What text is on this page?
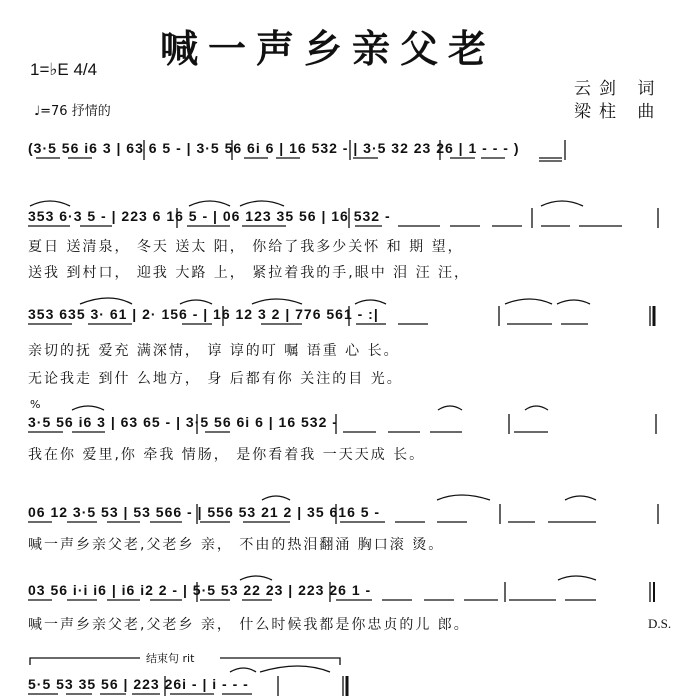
喊一声乡亲父老
1=♭E 4/4
♩=76 抒情的
云剑 词
梁柱 曲
(3·5 56 i6 3 | 63 6 5 - | 3·5 56 6i 6 | 16 532 - | 3·5 32 23 26 | 1 - - - )
353 6·3 5 - | 223 6 16 5 - | 06 123 35 56 | 16 532 -
夏日 送清泉， 冬天 送太 阳， 你给了我多少关怀 和 期 望，
送我 到村口， 迎我 大路 上， 紧拉着我的手,眼中 泪 汪 汪，
353 635 3· 61 | 2· 156 - | 16 12 3 2 | 776 561 - :|
亲切的抚 爱充 满深情， 谆 谆的叮 嘱 语重 心 长。
无论我走 到什 么地方， 身 后都有你 关注的目 光。
%
3·5 56 i6 3 | 63 65 - | 3·5 56 6i 6 | 16 532 -
我在你 爱里,你 牵我 情肠， 是你看着我 一天天成 长。
06 12 3·5 53 | 53 566 - | 556 53 21 2 | 35 616 5 -
喊一声乡亲父老,父老乡 亲， 不由的热泪翻涌 胸口滚 烫。
03 56 i·i i6 | i6 i2 2 - | 5·5 53 22 23 | 223 26 1 -
喊一声乡亲父老,父老乡 亲， 什么时候我都是你忠贞的儿 郎。	D.S.
结束句 rit
5·5 53 35 56 | 223 26i - | i - - -
